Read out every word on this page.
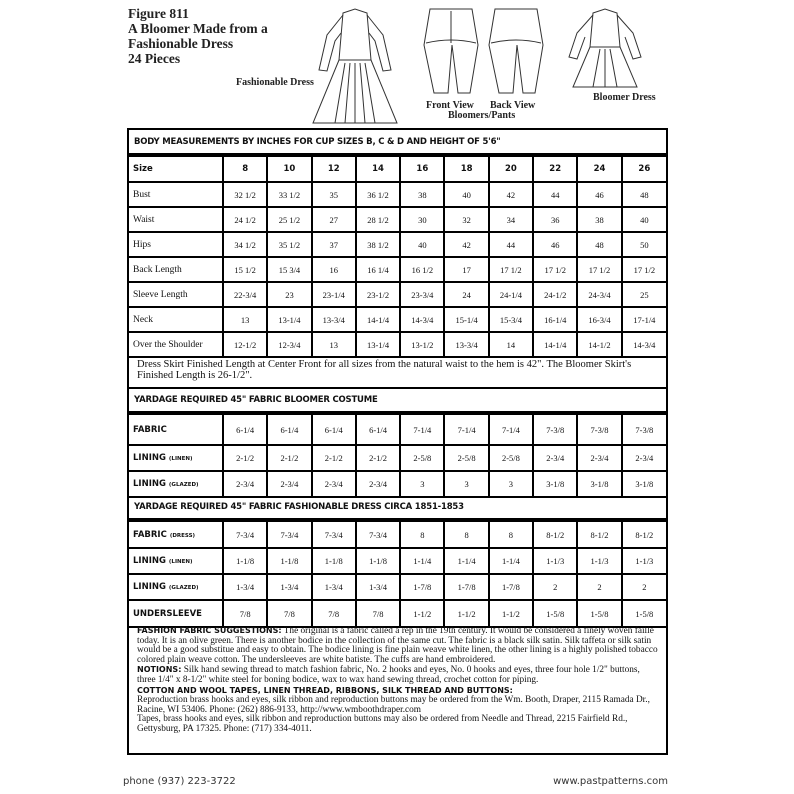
Figure 811
A Bloomer Made from a
Fashionable Dress
24 Pieces
Fashionable Dress
Front View Back View
Bloomers/Pants
Bloomer Dress
BODY MEASUREMENTS BY INCHES FOR CUP SIZES B, C & D AND HEIGHT OF 5'6"
Size	8	10	12	14	16	18	20	22	24	26
Bust	32 1/2	33 1/2	35	36 1/2	38	40	42	44	46	48
Waist	24 1/2	25 1/2	27	28 1/2	30	32	34	36	38	40
Hips	34 1/2	35 1/2	37	38 1/2	40	42	44	46	48	50
Back Length	15 1/2	15 3/4	16	16 1/4	16 1/2	17	17 1/2	17 1/2	17 1/2	17 1/2
Sleeve Length	22-3/4	23	23-1/4	23-1/2	23-3/4	24	24-1/4	24-1/2	24-3/4	25
Neck	13	13-1/4	13-3/4	14-1/4	14-3/4	15-1/4	15-3/4	16-1/4	16-3/4	17-1/4
Over the Shoulder	12-1/2	12-3/4	13	13-1/4	13-1/2	13-3/4	14	14-1/4	14-1/2	14-3/4
Dress Skirt Finished Length at Center Front for all sizes from the natural waist to the hem is 42". The Bloomer Skirt's Finished Length is 26-1/2".
YARDAGE REQUIRED 45" FABRIC BLOOMER COSTUME
FABRIC	6-1/4	6-1/4	6-1/4	6-1/4	7-1/4	7-1/4	7-1/4	7-3/8	7-3/8	7-3/8
LINING (LINEN)	2-1/2	2-1/2	2-1/2	2-1/2	2-5/8	2-5/8	2-5/8	2-3/4	2-3/4	2-3/4
LINING (GLAZED)	2-3/4	2-3/4	2-3/4	2-3/4	3	3	3	3-1/8	3-1/8	3-1/8
YARDAGE REQUIRED 45" FABRIC FASHIONABLE DRESS CIRCA 1851-1853
FABRIC (DRESS)	7-3/4	7-3/4	7-3/4	7-3/4	8	8	8	8-1/2	8-1/2	8-1/2
LINING (LINEN)	1-1/8	1-1/8	1-1/8	1-1/8	1-1/4	1-1/4	1-1/4	1-1/3	1-1/3	1-1/3
LINING (GLAZED)	1-3/4	1-3/4	1-3/4	1-3/4	1-7/8	1-7/8	1-7/8	2	2	2
UNDERSLEEVE	7/8	7/8	7/8	7/8	1-1/2	1-1/2	1-1/2	1-5/8	1-5/8	1-5/8
FASHION FABRIC SUGGESTIONS: The original is a fabric called a rep in the 19th century. It would be considered a finely woven faille today. It is an olive green. There is another bodice in the collection of the same cut. The fabric is a black silk satin. Silk taffeta or silk satin would be a good substitue and easy to obtain. The bodice lining is fine plain weave white linen, the other lining is a highly polished tobacco colored plain weave cotton. The undersleeves are white batiste. The cuffs are hand embroidered.
NOTIONS: Silk hand sewing thread to match fashion fabric, No. 2 hooks and eyes, No. 0 hooks and eyes, three four hole 1/2" buttons, three 1/4" x 8-1/2" white steel for boning bodice, wax to wax hand sewing thread, crochet cotton for piping.
COTTON AND WOOL TAPES, LINEN THREAD, RIBBONS, SILK THREAD AND BUTTONS:
Reproduction brass hooks and eyes, silk ribbon and reproduction buttons may be ordered from the Wm. Booth, Draper, 2115 Ramada Dr., Racine, WI 53406. Phone: (262) 886-9133, http://www.wmboothdraper.com
Tapes, brass hooks and eyes, silk ribbon and reproduction buttons may also be ordered from Needle and Thread, 2215 Fairfield Rd., Gettysburg, PA 17325. Phone: (717) 334-4011.
phone (937) 223-3722	www.pastpatterns.com
